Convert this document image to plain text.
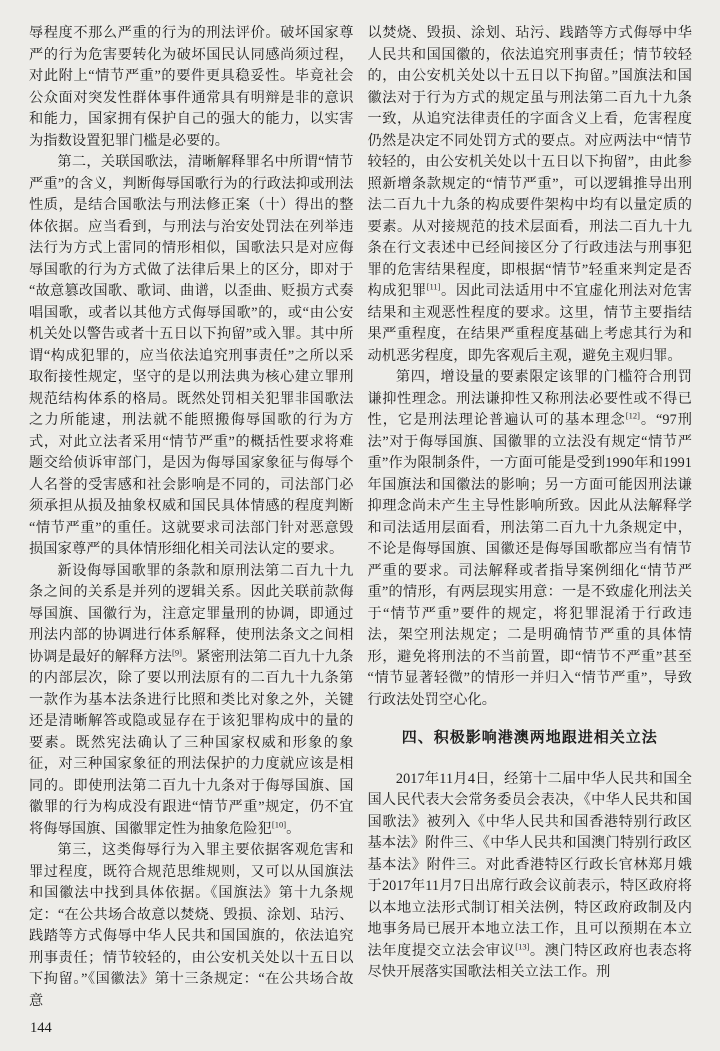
辱程度不那么严重的行为的刑法评价。破坏国家尊严的行为危害要转化为破坏国民认同感尚须过程，对此附上“情节严重”的要件更具稳妥性。毕竟社会公众面对突发性群体事件通常具有明辩是非的意识和能力，国家拥有保护自己的强大的能力，以实害为指数设置犯罪门槛是必要的。

第二，关联国歌法，清晰解释罪名中所谓“情节严重”的含义，判断侮辱国歌行为的行政法抑或刑法性质，是结合国歌法与刑法修正案（十）得出的整体依据。应当看到，与刑法与治安处罚法在列举违法行为方式上雷同的情形相似，国歌法只是对应侮辱国歌的行为方式做了法律后果上的区分，即对于“故意篡改国歌、歌词、曲谱，以歪曲、贬损方式奏唱国歌，或者以其他方式侮辱国歌”的，或“由公安机关处以警告或者十五日以下拘留”或入罪。其中所谓“构成犯罪的，应当依法追究刑事责任”之所以采取衔接性规定，坚守的是以刑法典为核心建立罪刑规范结构体系的格局。既然处罚相关犯罪非国歌法之力所能逮，刑法就不能照搬侮辱国歌的行为方式，对此立法者采用“情节严重”的概括性要求将难题交给侦诉审部门，是因为侮辱国家象征与侮辱个人名誉的受害感和社会影响是不同的，司法部门必须承担从损及抽象权威和国民具体情感的程度判断“情节严重”的重任。这就要求司法部门针对恶意毁损国家尊严的具体情形细化相关司法认定的要求。

新设侮辱国歌罪的条款和原刑法第二百九十九条之间的关系是并列的逻辑关系。因此关联前款侮辱国旗、国徽行为，注意定罪量刑的协调，即通过刑法内部的协调进行体系解释，使刑法条文之间相协调是最好的解释方法[9]。紧密刑法第二百九十九条的内部层次，除了要以刑法原有的二百九十九条第一款作为基本法条进行比照和类比对象之外，关键还是清晰解答或隐或显存在于该犯罪构成中的量的要素。既然宪法确认了三种国家权威和形象的象征，对三种国家象征的刑法保护的力度就应该是相同的。即使刑法第二百九十九条对于侮辱国旗、国徽罪的行为构成没有跟进“情节严重”规定，仍不宜将侮辱国旗、国徽罪定性为抽象危险犯[10]。

第三，这类侮辱行为入罪主要依据客观危害和罪过程度，既符合规范思维规则，又可以从国旗法和国徽法中找到具体依据。《国旗法》第十九条规定：“在公共场合故意以焚烧、毁损、涂划、玷污、践踏等方式侮辱中华人民共和国国旗的，依法追究刑事责任；情节较轻的，由公安机关处以十五日以下拘留。”《国徽法》第十三条规定：“在公共场合故意

以焚烧、毁损、涂划、玷污、践踏等方式侮辱中华人民共和国国徽的，依法追究刑事责任；情节较轻的，由公安机关处以十五日以下拘留。”国旗法和国徽法对于行为方式的规定虽与刑法第二百九十九条一致，从追究法律责任的字面含义上看，危害程度仍然是决定不同处罚方式的要点。对应两法中“情节较轻的，由公安机关处以十五日以下拘留”，由此参照新增条款规定的“情节严重”，可以逻辑推导出刑法二百九十九条的构成要件架构中均有以量定质的要素。从对接规范的技术层面看，刑法二百九十九条在行文表述中已经间接区分了行政违法与刑事犯罪的危害结果程度，即根据“情节”轻重来判定是否构成犯罪[11]。因此司法适用中不宜虚化刑法对危害结果和主观恶性程度的要求。这里，情节主要指结果严重程度，在结果严重程度基础上考虑其行为和动机恶劣程度，即先客观后主观，避免主观归罪。

第四，增设量的要素限定该罪的门槛符合刑罚谦抑性理念。刑法谦抑性又称刑法必要性或不得已性，它是刑法理论普遍认可的基本理念[12]。“97刑法”对于侮辱国旗、国徽罪的立法没有规定“情节严重”作为限制条件，一方面可能是受到1990年和1991年国旗法和国徽法的影响；另一方面可能因刑法谦抑理念尚未产生主导性影响所致。因此从法解释学和司法适用层面看，刑法第二百九十九条规定中，不论是侮辱国旗、国徽还是侮辱国歌都应当有情节严重的要求。司法解释或者指导案例细化“情节严重”的情形，有两层现实用意：一是不致虚化刑法关于“情节严重”要件的规定，将犯罪混淆于行政违法，架空刑法规定；二是明确情节严重的具体情形，避免将刑法的不当前置，即“情节不严重”甚至“情节显著轻微”的情形一并归入“情节严重”，导致行政法处罚空心化。

四、积极影响港澳两地跟进相关立法

2017年11月4日，经第十二届中华人民共和国全国人民代表大会常务委员会表决，《中华人民共和国国歌法》被列入《中华人民共和国香港特别行政区基本法》附件三、《中华人民共和国澳门特别行政区基本法》附件三。对此香港特区行政长官林郑月娥于2017年11月7日出席行政会议前表示，特区政府将以本地立法形式制订相关法例，特区政府政制及内地事务局已展开本地立法工作，且可以预期在本立法年度提交立法会审议[13]。澳门特区政府也表态将尽快开展落实国歌法相关立法工作。刑

144
